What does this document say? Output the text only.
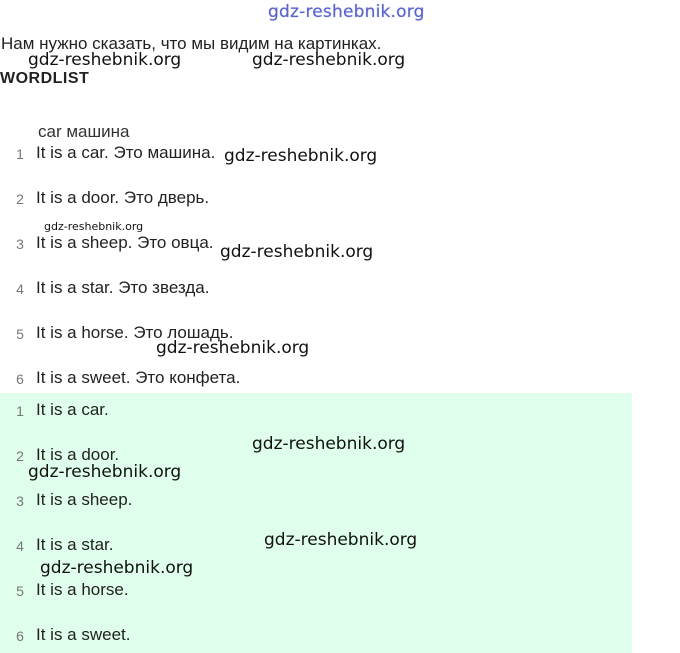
gdz-reshebnik.org
Нам нужно сказать, что мы видим на картинках.
WORDLIST
car машина
1 It is a car. Это машина.
2 It is a door. Это дверь.
3 It is a sheep. Это овца.
4 It is a star. Это звезда.
5 It is a horse. Это лошадь.
6 It is a sweet. Это конфета.
1 It is a car.
2 It is a door.
3 It is a sheep.
4 It is a star.
5 It is a horse.
6 It is a sweet.
gdz-reshebnik.org	gdz-reshebnik.org
gdz-reshebnik.org
gdz-reshebnik.org
gdz-reshebnik.org
gdz-reshebnik.org
gdz-reshebnik.org
gdz-reshebnik.org
gdz-reshebnik.org
gdz-reshebnik.org
